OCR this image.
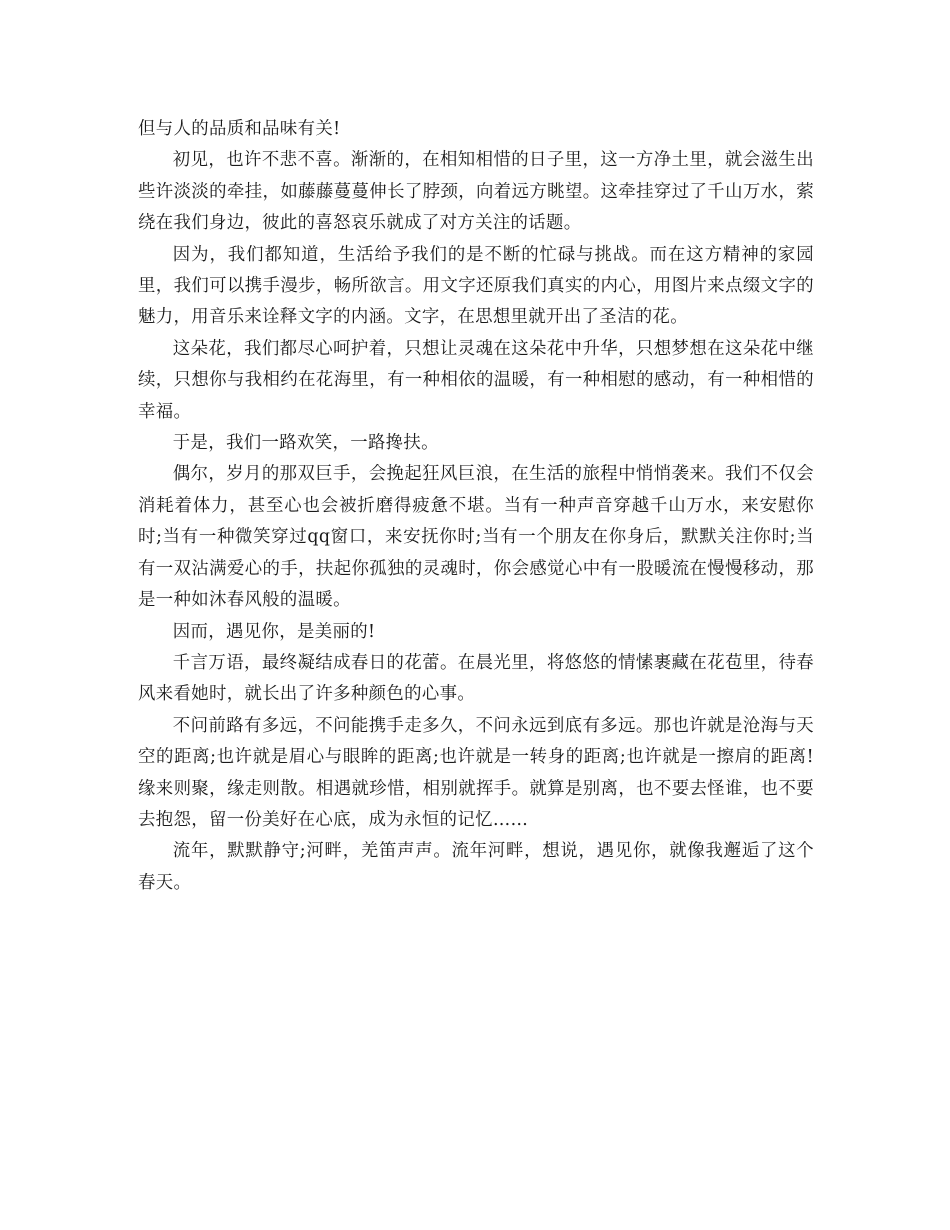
但与人的品质和品味有关!

初见，也许不悲不喜。渐渐的，在相知相惜的日子里，这一方净土里，就会滋生出些许淡淡的牵挂，如藤藤蔓蔓伸长了脖颈，向着远方眺望。这牵挂穿过了千山万水，萦绕在我们身边，彼此的喜怒哀乐就成了对方关注的话题。

因为，我们都知道，生活给予我们的是不断的忙碌与挑战。而在这方精神的家园里，我们可以携手漫步，畅所欲言。用文字还原我们真实的内心，用图片来点缀文字的魅力，用音乐来诠释文字的内涵。文字，在思想里就开出了圣洁的花。

这朵花，我们都尽心呵护着，只想让灵魂在这朵花中升华，只想梦想在这朵花中继续，只想你与我相约在花海里，有一种相依的温暖，有一种相慰的感动，有一种相惜的幸福。

于是，我们一路欢笑，一路搀扶。

偶尔，岁月的那双巨手，会挽起狂风巨浪，在生活的旅程中悄悄袭来。我们不仅会消耗着体力，甚至心也会被折磨得疲惫不堪。当有一种声音穿越千山万水，来安慰你时;当有一种微笑穿过qq窗口，来安抚你时;当有一个朋友在你身后，默默关注你时;当有一双沾满爱心的手，扶起你孤独的灵魂时，你会感觉心中有一股暖流在慢慢移动，那是一种如沐春风般的温暖。

因而，遇见你，是美丽的!

千言万语，最终凝结成春日的花蕾。在晨光里，将悠悠的情愫裹藏在花苞里，待春风来看她时，就长出了许多种颜色的心事。

不问前路有多远，不问能携手走多久，不问永远到底有多远。那也许就是沧海与天空的距离;也许就是眉心与眼眸的距离;也许就是一转身的距离;也许就是一擦肩的距离!缘来则聚，缘走则散。相遇就珍惜，相别就挥手。就算是别离，也不要去怪谁，也不要去抱怨，留一份美好在心底，成为永恒的记忆……

流年，默默静守;河畔，羌笛声声。流年河畔，想说，遇见你，就像我邂逅了这个春天。
